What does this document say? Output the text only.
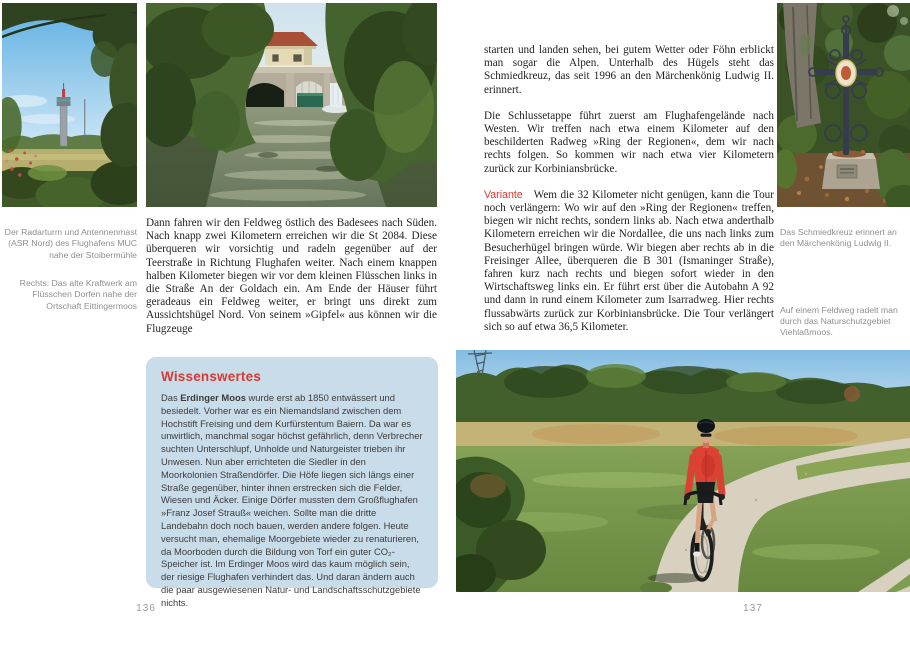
Der Radarturm und Antennenmast (ASR Nord) des Flughafens MUC nahe der Stoibermühle

Rechts: Das alte Kraftwerk am Flüsschen Dorfen nahe der Ortschaft Eittingermoos

Dann fahren wir den Feldweg östlich des Badesees nach Süden. Nach knapp zwei Kilometern erreichen wir die St 2084. Diese überqueren wir vorsichtig und radeln gegenüber auf der Teerstraße in Richtung Flughafen weiter. Nach einem knappen halben Kilometer biegen wir vor dem kleinen Flüsschen links in die Straße An der Goldach ein. Am Ende der Häuser führt geradeaus ein Feldweg weiter, er bringt uns direkt zum Aussichtshügel Nord. Von seinem »Gipfel« aus können wir die Flugzeuge

Wissenswertes

Das Erdinger Moos wurde erst ab 1850 entwässert und besiedelt. Vorher war es ein Niemandsland zwischen dem Hochstift Freising und dem Kurfürstentum Baiern. Da war es unwirtlich, manchmal sogar höchst gefährlich, denn Verbrecher suchten Unterschlupf, Unholde und Naturgeister trieben ihr Unwesen. Nun aber errichteten die Siedler in den Moorkolonien Straßendörfer. Die Höfe liegen sich längs einer Straße gegenüber, hinter ihnen erstrecken sich die Felder, Wiesen und Äcker. Einige Dörfer mussten dem Großflughafen »Franz Josef Strauß« weichen. Sollte man die dritte Landebahn doch noch bauen, werden andere folgen. Heute versucht man, ehemalige Moorgebiete wieder zu renaturieren, da Moorboden durch die Bildung von Torf ein guter CO₂-Speicher ist. Im Erdinger Moos wird das kaum möglich sein, der riesige Flughafen verhindert das. Und daran ändern auch die paar ausgewiesenen Natur- und Landschaftsschutzgebiete nichts.

starten und landen sehen, bei gutem Wetter oder Föhn erblickt man sogar die Alpen. Unterhalb des Hügels steht das Schmiedkreuz, das seit 1996 an den Märchenkönig Ludwig II. erinnert.

Die Schlussetappe führt zuerst am Flughafengelände nach Westen. Wir treffen nach etwa einem Kilometer auf den beschilderten Radweg »Ring der Regionen«, dem wir nach rechts folgen. So kommen wir nach etwa vier Kilometern zurück zur Korbiniansbrücke.

Variante Wem die 32 Kilometer nicht genügen, kann die Tour noch verlängern: Wo wir auf den »Ring der Regionen« treffen, biegen wir nicht rechts, sondern links ab. Nach etwa anderthalb Kilometern erreichen wir die Nordallee, die uns nach links zum Besucherhügel bringen würde. Wir biegen aber rechts ab in die Freisinger Allee, überqueren die B 301 (Ismaninger Straße), fahren kurz nach rechts und biegen sofort wieder in den Wirtschaftsweg links ein. Er führt erst über die Autobahn A 92 und dann in rund einem Kilometer zum Isarradweg. Hier rechts flussabwärts zurück zur Korbiniansbrücke. Die Tour verlängert sich so auf etwa 36,5 Kilometer.

Das Schmiedkreuz erinnert an den Märchenkönig Ludwig II.

Auf einem Feldweg radelt man durch das Naturschutzgebiet Viehlaßmoos.

136	137
